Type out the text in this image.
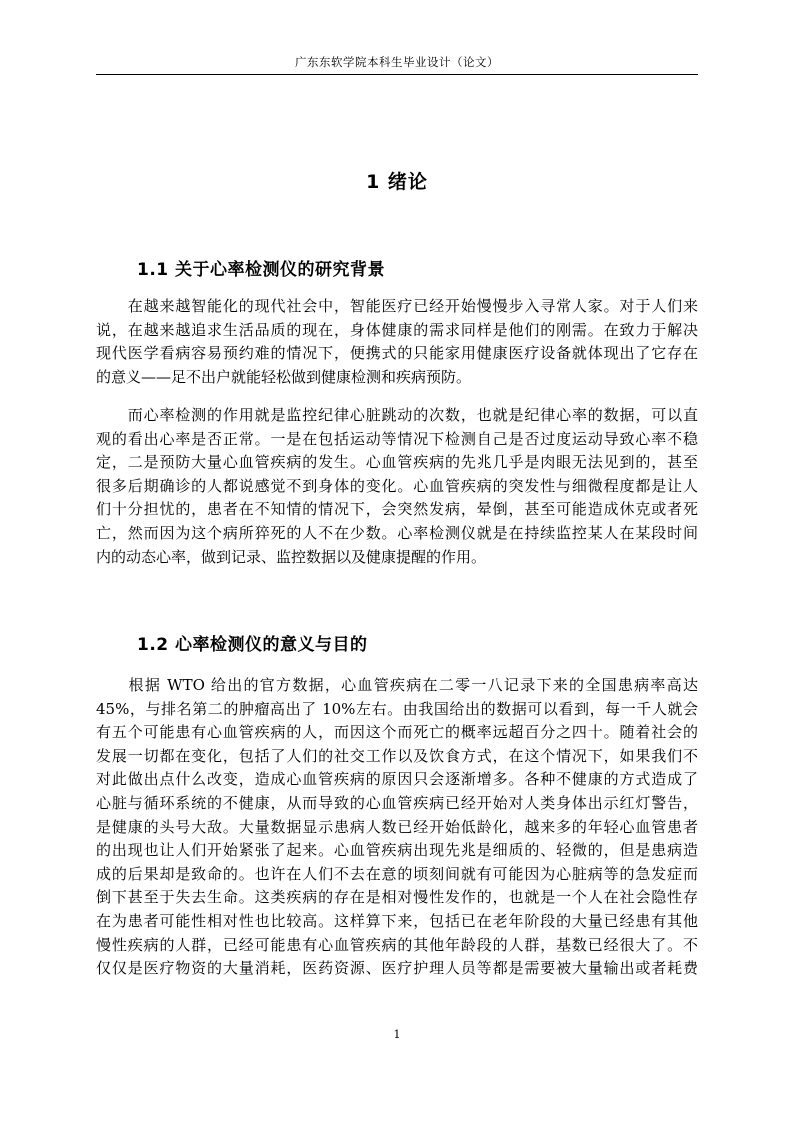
广东东软学院本科生毕业设计（论文）
1 绪论
1.1 关于心率检测仪的研究背景
　　在越来越智能化的现代社会中，智能医疗已经开始慢慢步入寻常人家。对于人们来
说，在越来越追求生活品质的现在，身体健康的需求同样是他们的刚需。在致力于解决
现代医学看病容易预约难的情况下，便携式的只能家用健康医疗设备就体现出了它存在
的意义——足不出户就能轻松做到健康检测和疾病预防。
　　而心率检测的作用就是监控纪律心脏跳动的次数，也就是纪律心率的数据，可以直
观的看出心率是否正常。一是在包括运动等情况下检测自己是否过度运动导致心率不稳
定，二是预防大量心血管疾病的发生。心血管疾病的先兆几乎是肉眼无法见到的，甚至
很多后期确诊的人都说感觉不到身体的变化。心血管疾病的突发性与细微程度都是让人
们十分担忧的，患者在不知情的情况下，会突然发病，晕倒，甚至可能造成休克或者死
亡，然而因为这个病所猝死的人不在少数。心率检测仪就是在持续监控某人在某段时间
内的动态心率，做到记录、监控数据以及健康提醒的作用。
1.2 心率检测仪的意义与目的
　　根据 WTO 给出的官方数据，心血管疾病在二零一八记录下来的全国患病率高达
45%，与排名第二的肿瘤高出了 10%左右。由我国给出的数据可以看到，每一千人就会
有五个可能患有心血管疾病的人，而因这个而死亡的概率远超百分之四十。随着社会的
发展一切都在变化，包括了人们的社交工作以及饮食方式，在这个情况下，如果我们不
对此做出点什么改变，造成心血管疾病的原因只会逐渐增多。各种不健康的方式造成了
心脏与循环系统的不健康，从而导致的心血管疾病已经开始对人类身体出示红灯警告，
是健康的头号大敌。大量数据显示患病人数已经开始低龄化，越来多的年轻心血管患者
的出现也让人们开始紧张了起来。心血管疾病出现先兆是细质的、轻微的，但是患病造
成的后果却是致命的。也许在人们不去在意的顷刻间就有可能因为心脏病等的急发症而
倒下甚至于失去生命。这类疾病的存在是相对慢性发作的，也就是一个人在社会隐性存
在为患者可能性相对性也比较高。这样算下来，包括已在老年阶段的大量已经患有其他
慢性疾病的人群，已经可能患有心血管疾病的其他年龄段的人群，基数已经很大了。不
仅仅是医疗物资的大量消耗，医药资源、医疗护理人员等都是需要被大量输出或者耗费
1
